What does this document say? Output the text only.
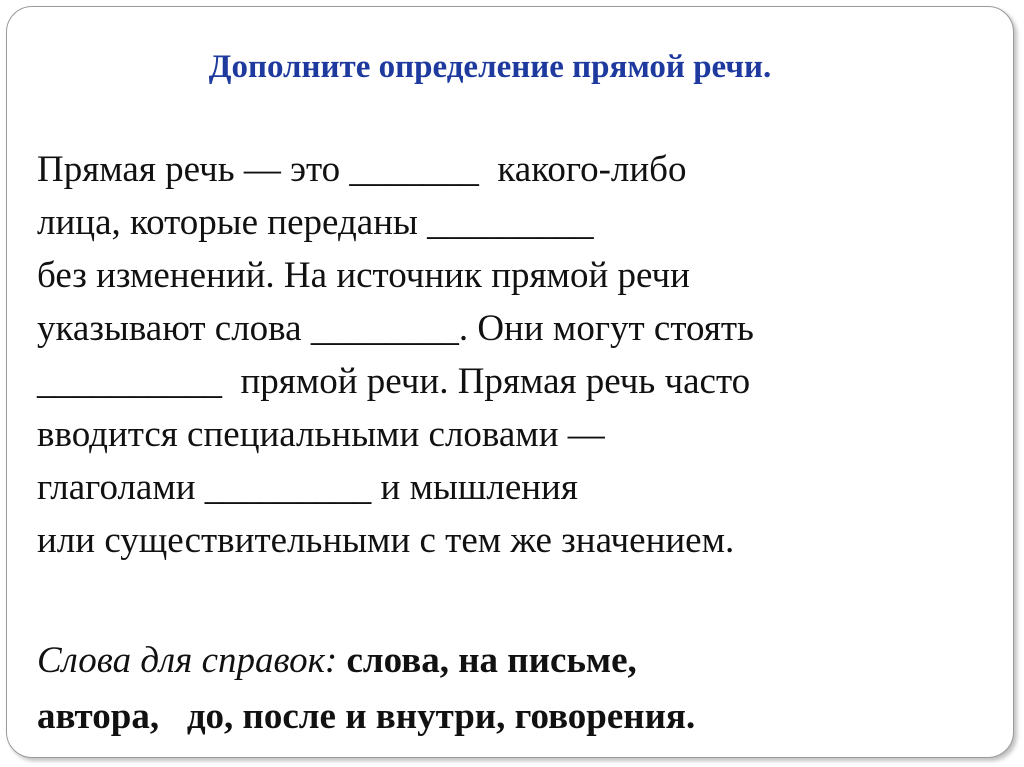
Дополните определение прямой речи.
Прямая речь — это _______  какого-либо
лица, которые переданы _________
без изменений. На источник прямой речи
указывают слова ________. Они могут стоять
__________  прямой речи. Прямая речь часто
вводится специальными словами —
глаголами _________ и мышления
или существительными с тем же значением.
Слова для справок: слова, на письме,
автора,   до, после и внутри, говорения.
